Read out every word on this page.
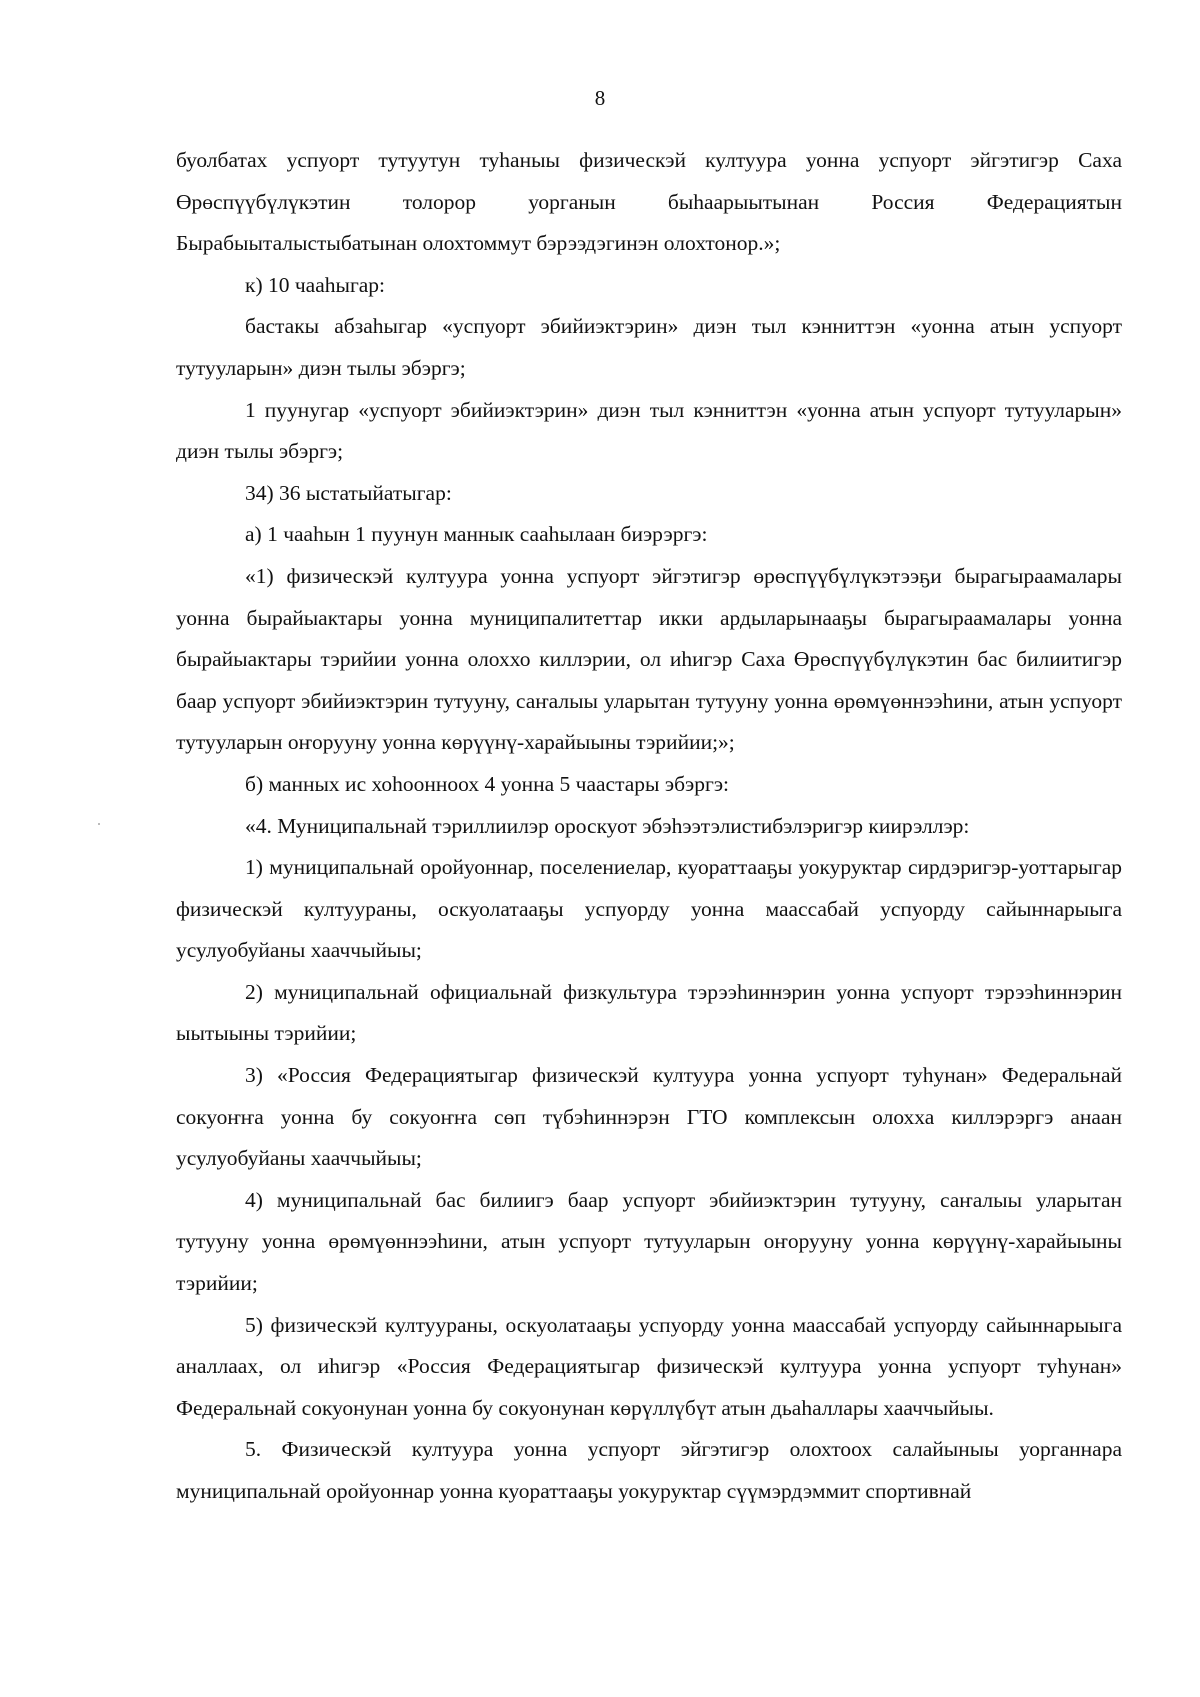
8

буолбатах успуорт тутуутун туһаныы физическэй култуура уонна успуорт эйгэтигэр Саха Өрөспүүбүлүкэтин толорор уорганын быһаарыытынан Россия Федерациятын Бырабыыталыстыбатынан олохтоммут бэрээдэгинэн олохтонор.»;

к) 10 чааһыгар:

бастакы абзаһыгар «успуорт эбийиэктэрин» диэн тыл кэнниттэн «уонна атын успуорт тутууларын» диэн тылы эбэргэ;

1 пуунугар «успуорт эбийиэктэрин» диэн тыл кэнниттэн «уонна атын успуорт тутууларын» диэн тылы эбэргэ;

34) 36 ыстатыйатыгар:

а) 1 чааһын 1 пуунун маннык сааһылаан биэрэргэ:

«1) физическэй култуура уонна успуорт эйгэтигэр өрөспүүбүлүкэтээҕи бырагыраамалары уонна бырайыактары уонна муниципалитеттар икки ардыларынааҕы бырагыраамалары уонна бырайыактары тэрийии уонна олоххо киллэрии, ол иһигэр Саха Өрөспүүбүлүкэтин бас билиитигэр баар успуорт эбийиэктэрин тутууну, саҥалыы уларытан тутууну уонна өрөмүөннээһини, атын успуорт тутууларын оҥорууну уонна көрүүнү-харайыыны тэрийии;»;

б) манных ис хоһоонноох 4 уонна 5 чаастары эбэргэ:

«4. Муниципальнай тэриллиилэр ороскуот эбэһээтэлистибэлэригэр киирэллэр:

1) муниципальнай оройуоннар, поселениелар, куораттааҕы уокуруктар сирдэригэр-уоттарыгар физическэй култуураны, оскуолатааҕы успуорду уонна маассабай успуорду сайыннарыыга усулуобуйаны хааччыйыы;

2) муниципальнай официальнай физкультура тэрээһиннэрин уонна успуорт тэрээһиннэрин ыытыыны тэрийии;

3) «Россия Федерациятыгар физическэй култуура уонна успуорт туһунан» Федеральнай сокуоҥҥа уонна бу сокуоҥҥа сөп түбэһиннэрэн ГТО комплексын олохха киллэрэргэ анаан усулуобуйаны хааччыйыы;

4) муниципальнай бас билиигэ баар успуорт эбийиэктэрин тутууну, саҥалыы уларытан тутууну уонна өрөмүөннээһини, атын успуорт тутууларын оҥорууну уонна көрүүнү-харайыыны тэрийии;

5) физическэй култуураны, оскуолатааҕы успуорду уонна маассабай успуорду сайыннарыыга аналлаах, ол иһигэр «Россия Федерациятыгар физическэй култуура уонна успуорт туһунан» Федеральнай сокуонунан уонна бу сокуонунан көрүллүбүт атын дьаһаллары хааччыйыы.

5. Физическэй култуура уонна успуорт эйгэтигэр олохтоох салайыныы уорганнара муниципальнай оройуоннар уонна куораттааҕы уокуруктар сүүмэрдэммит спортивнай
